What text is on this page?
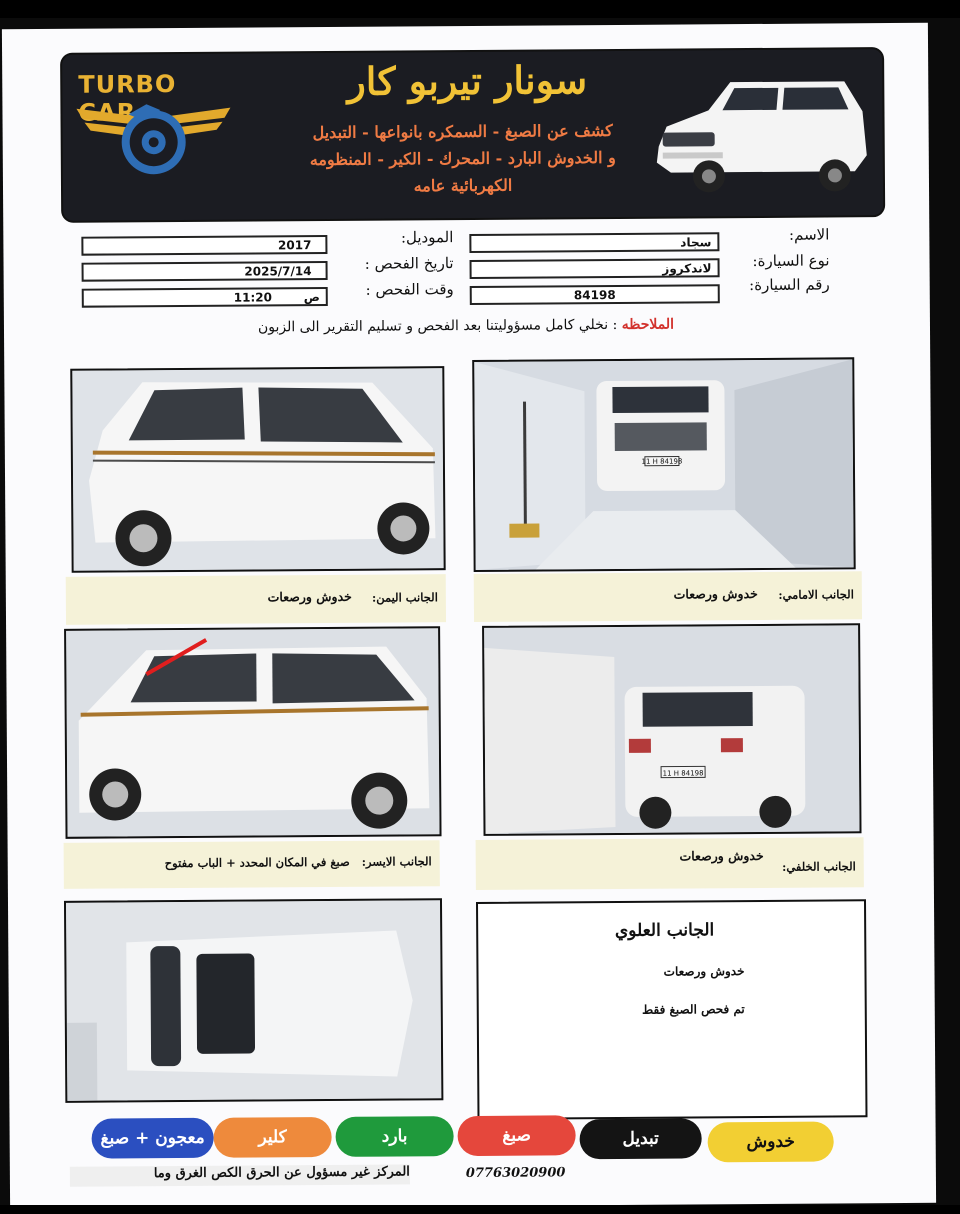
TURBO	سونار تيربو كار
كشف عن الصبغ - السمكره بانواعها - التبديل
و الخدوش البارد - المحرك - الكير - المنظومه
الكهربائية عامه
الاسم:
سجاد
نوع السيارة:
لاندكروز
رقم السيارة:
84198
الموديل:
2017
تاريخ الفحص :
2025/7/14
وقت الفحص :
11:20	ص
الملاحظه : نخلي كامل مسؤوليتنا بعد الفحص و تسليم التقرير الى الزبون
11 H 84198
الجانب الامامي:
خدوش ورصعات
الجانب اليمن:
خدوش ورصعات
11 H 84198
الجانب الخلفي:
خدوش ورصعات
الجانب الايسر:
صبغ في المكان المحدد + الباب مفتوح
الجانب العلوي
خدوش ورصعات
تم فحص الصبغ فقط
معجون + صبغ	كلير	بارد	صبغ	تبديل	خدوش
المركز غير مسؤول عن الحرق الكص الغرق وما	07763020900
